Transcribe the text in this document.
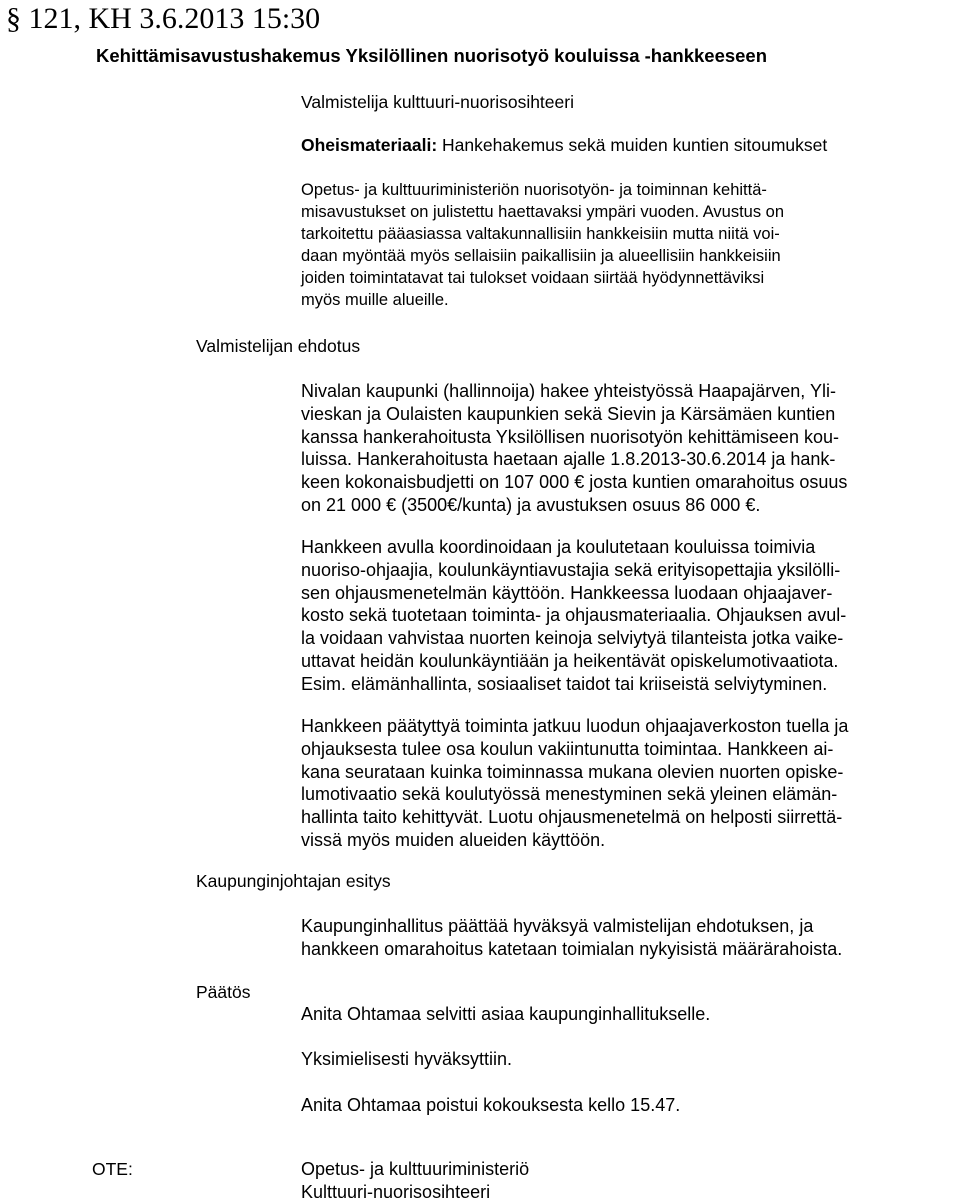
§ 121, KH 3.6.2013 15:30
Kehittämisavustushakemus Yksilöllinen nuorisotyö kouluissa -hankkeeseen
Valmistelija kulttuuri-nuorisosihteeri
Oheismateriaali: Hankehakemus sekä muiden kuntien sitoumukset
Opetus- ja kulttuuriministeriön nuorisotyön- ja toiminnan kehittä-
misavustukset on julistettu haettavaksi ympäri vuoden. Avustus on
tarkoitettu pääasiassa valtakunnallisiin hankkeisiin mutta niitä voi-
daan myöntää myös sellaisiin paikallisiin ja alueellisiin hankkeisiin
joiden toimintatavat tai tulokset voidaan siirtää hyödynnettäviksi
myös muille alueille.
Valmistelijan ehdotus
Nivalan kaupunki (hallinnoija) hakee yhteistyössä Haapajärven, Yli-
vieskan ja Oulaisten kaupunkien sekä Sievin ja Kärsämäen kuntien
kanssa hankerahoitusta Yksilöllisen nuorisotyön kehittämiseen kou-
luissa. Hankerahoitusta haetaan ajalle 1.8.2013-30.6.2014 ja hank-
keen kokonaisbudjetti on 107 000 € josta kuntien omarahoitus osuus
on 21 000 € (3500€/kunta) ja avustuksen osuus 86 000 €.
Hankkeen avulla koordinoidaan ja koulutetaan kouluissa toimivia
nuoriso-ohjaajia, koulunkäyntiavustajia sekä erityisopettajia yksilölli-
sen ohjausmenetelmän käyttöön. Hankkeessa luodaan ohjaajaver-
kosto sekä tuotetaan toiminta- ja ohjausmateriaalia. Ohjauksen avul-
la voidaan vahvistaa nuorten keinoja selviytyä tilanteista jotka vaike-
uttavat heidän koulunkäyntiään ja heikentävät opiskelumotivaatiota.
Esim. elämänhallinta, sosiaaliset taidot tai kriiseistä selviytyminen.
Hankkeen päätyttyä toiminta jatkuu luodun ohjaajaverkoston tuella ja
ohjauksesta tulee osa koulun vakiintunutta toimintaa. Hankkeen ai-
kana seurataan kuinka toiminnassa mukana olevien nuorten opiske-
lumotivaatio sekä koulutyössä menestyminen sekä yleinen elämän-
hallinta taito kehittyvät. Luotu ohjausmenetelmä on helposti siirrettä-
vissä myös muiden alueiden käyttöön.
Kaupunginjohtajan esitys
Kaupunginhallitus päättää hyväksyä valmistelijan ehdotuksen, ja
hankkeen omarahoitus katetaan toimialan nykyisistä määrärahoista.
Päätös
Anita Ohtamaa selvitti asiaa kaupunginhallitukselle.
Yksimielisesti hyväksyttiin.
Anita Ohtamaa poistui kokouksesta kello 15.47.
OTE:	Opetus- ja kulttuuriministeriö
Kulttuuri-nuorisosihteeri
